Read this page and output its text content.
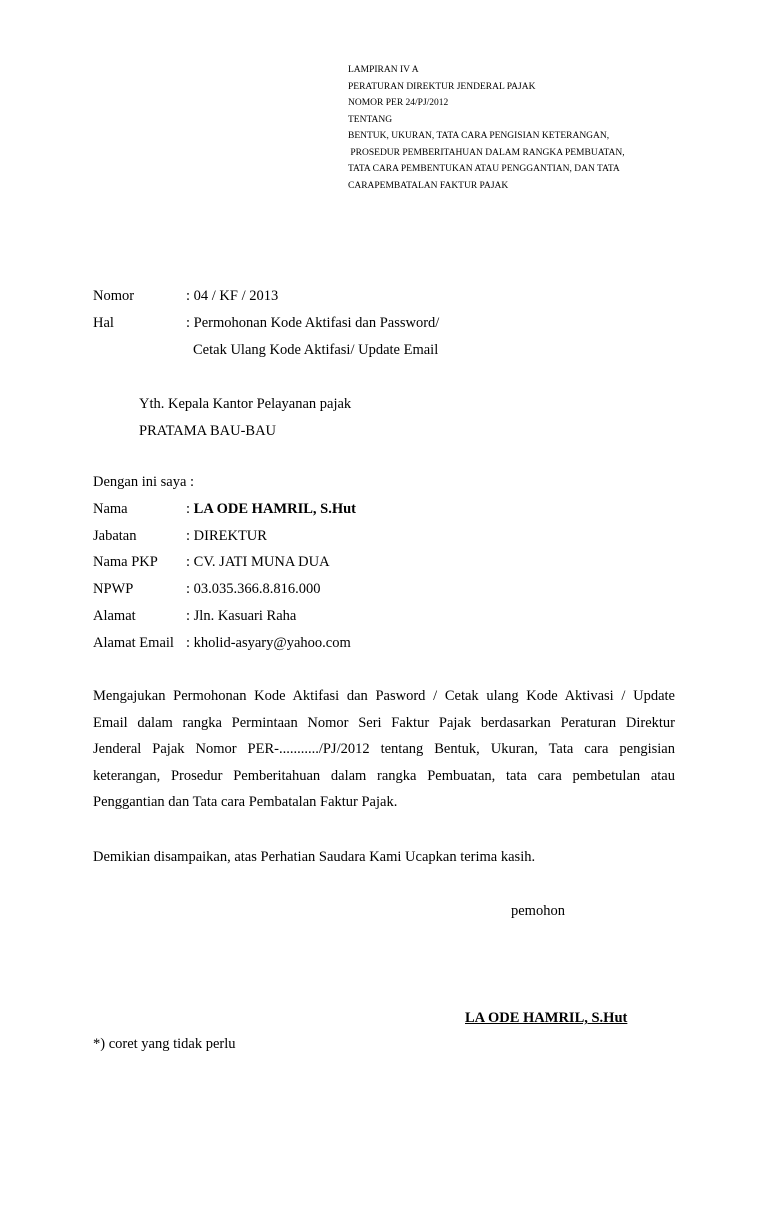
LAMPIRAN IV A
PERATURAN DIREKTUR JENDERAL PAJAK
NOMOR PER 24/PJ/2012
TENTANG
BENTUK, UKURAN, TATA CARA PENGISIAN KETERANGAN,
PROSEDUR PEMBERITAHUAN DALAM RANGKA PEMBUATAN,
TATA CARA PEMBENTUKAN ATAU PENGGANTIAN, DAN TATA
CARAPEMBATALAN FAKTUR PAJAK
Nomor	: 04 / KF / 2013
Hal	: Permohonan Kode Aktifasi dan Password/
Cetak Ulang Kode Aktifasi/ Update Email
Yth. Kepala Kantor Pelayanan pajak
PRATAMA BAU-BAU
Dengan ini saya :
Nama	: LA ODE HAMRIL, S.Hut
Jabatan	: DIREKTUR
Nama PKP : CV. JATI MUNA DUA
NPWP	: 03.035.366.8.816.000
Alamat	: Jln. Kasuari Raha
Alamat Email : kholid-asyary@yahoo.com
Mengajukan Permohonan Kode Aktifasi dan Pasword / Cetak ulang Kode Aktivasi / Update
Email dalam rangka Permintaan Nomor Seri Faktur Pajak berdasarkan Peraturan Direktur
Jenderal Pajak Nomor PER-.........../PJ/2012 tentang Bentuk, Ukuran, Tata cara pengisian
keterangan, Prosedur Pemberitahuan dalam rangka Pembuatan, tata cara pembetulan atau
Penggantian dan Tata cara Pembatalan Faktur Pajak.
Demikian disampaikan, atas Perhatian Saudara Kami Ucapkan terima kasih.
pemohon
LA ODE HAMRIL, S.Hut
*) coret yang tidak perlu
